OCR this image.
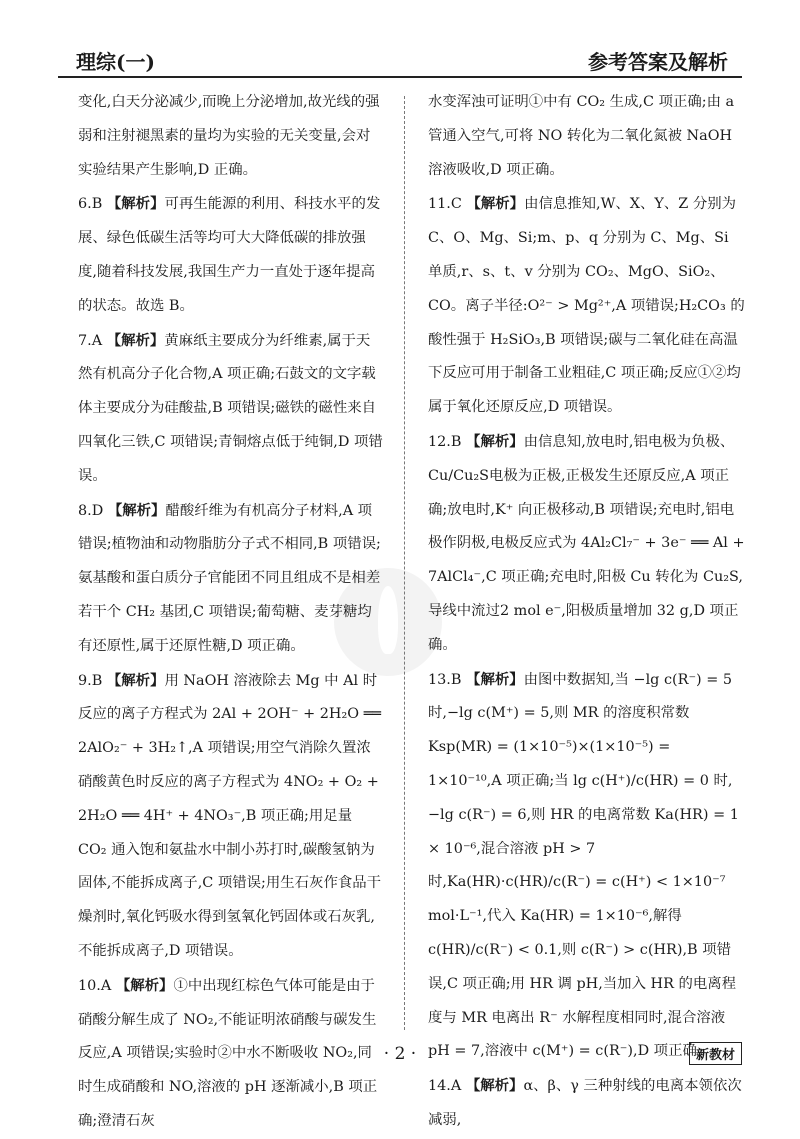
理综(一)	参考答案及解析

变化,白天分泌减少,而晚上分泌增加,故光线的强弱和注射褪黑素的量均为实验的无关变量,会对实验结果产生影响,D 正确。

6.B 【解析】可再生能源的利用、科技水平的发展、绿色低碳生活等均可大大降低碳的排放强度,随着科技发展,我国生产力一直处于逐年提高的状态。故选 B。

7.A 【解析】黄麻纸主要成分为纤维素,属于天然有机高分子化合物,A 项正确;石鼓文的文字载体主要成分为硅酸盐,B 项错误;磁铁的磁性来自四氧化三铁,C 项错误;青铜熔点低于纯铜,D 项错误。

8.D 【解析】醋酸纤维为有机高分子材料,A 项错误;植物油和动物脂肪分子式不相同,B 项错误;氨基酸和蛋白质分子官能团不同且组成不是相差若干个 CH₂ 基团,C 项错误;葡萄糖、麦芽糖均有还原性,属于还原性糖,D 项正确。

9.B 【解析】用 NaOH 溶液除去 Mg 中 Al 时反应的离子方程式为 2Al + 2OH⁻ + 2H₂O ══ 2AlO₂⁻ + 3H₂↑,A 项错误;用空气消除久置浓硝酸黄色时反应的离子方程式为 4NO₂ + O₂ + 2H₂O ══ 4H⁺ + 4NO₃⁻,B 项正确;用足量 CO₂ 通入饱和氨盐水中制小苏打时,碳酸氢钠为固体,不能拆成离子,C 项错误;用生石灰作食品干燥剂时,氧化钙吸水得到氢氧化钙固体或石灰乳,不能拆成离子,D 项错误。

10.A 【解析】①中出现红棕色气体可能是由于硝酸分解生成了 NO₂,不能证明浓硝酸与碳发生反应,A 项错误;实验时②中水不断吸收 NO₂,同时生成硝酸和 NO,溶液的 pH 逐渐减小,B 项正确;澄清石灰

水变浑浊可证明①中有 CO₂ 生成,C 项正确;由 a 管通入空气,可将 NO 转化为二氧化氮被 NaOH 溶液吸收,D 项正确。

11.C 【解析】由信息推知,W、X、Y、Z 分别为 C、O、Mg、Si;m、p、q 分别为 C、Mg、Si 单质,r、s、t、v 分别为 CO₂、MgO、SiO₂、CO。离子半径:O²⁻ > Mg²⁺,A 项错误;H₂CO₃ 的酸性强于 H₂SiO₃,B 项错误;碳与二氧化硅在高温下反应可用于制备工业粗硅,C 项正确;反应①②均属于氧化还原反应,D 项错误。

12.B 【解析】由信息知,放电时,铝电极为负极、Cu/Cu₂S电极为正极,正极发生还原反应,A 项正确;放电时,K⁺ 向正极移动,B 项错误;充电时,铝电极作阴极,电极反应式为 4Al₂Cl₇⁻ + 3e⁻ ══ Al + 7AlCl₄⁻,C 项正确;充电时,阳极 Cu 转化为 Cu₂S,导线中流过2 mol e⁻,阳极质量增加 32 g,D 项正确。

13.B 【解析】由图中数据知,当 −lg c(R⁻) = 5 时,−lg c(M⁺) = 5,则 MR 的溶度积常数 Ksp(MR) = (1×10⁻⁵)×(1×10⁻⁵) = 1×10⁻¹⁰,A 项正确;当 lg c(H⁺)/c(HR) = 0 时,−lg c(R⁻) = 6,则 HR 的电离常数 Ka(HR) = 1 × 10⁻⁶,混合溶液 pH > 7 时,Ka(HR)·c(HR)/c(R⁻) = c(H⁺) < 1×10⁻⁷ mol·L⁻¹,代入 Ka(HR) = 1×10⁻⁶,解得 c(HR)/c(R⁻) < 0.1,则 c(R⁻) > c(HR),B 项错误,C 项正确;用 HR 调 pH,当加入 HR 的电离程度与 MR 电离出 R⁻ 水解程度相同时,混合溶液 pH = 7,溶液中 c(M⁺) = c(R⁻),D 项正确。

14.A 【解析】α、β、γ 三种射线的电离本领依次减弱,

· 2 ·	新教材
